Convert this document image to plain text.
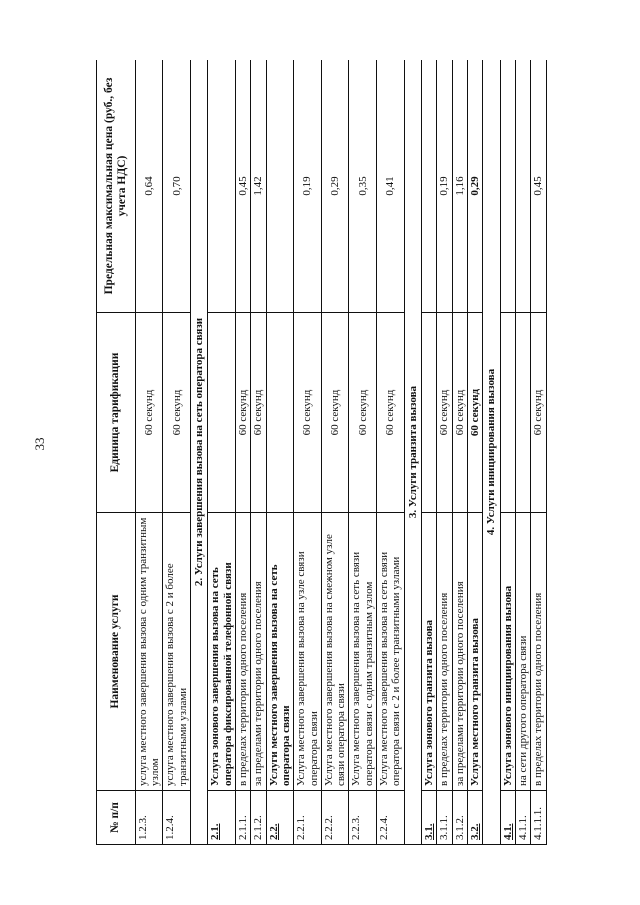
33
№ п/п	Наименование услуги	Единица тарификации	Предельная максимальная цена (руб., без учета НДС)
1.2.3.	услуга местного завершения вызова с одним транзитным узлом	60 секунд	0,64
1.2.4.	услуга местного завершения вызова с 2 и более транзитными узлами	60 секунд	0,70
2. Услуги завершения вызова на сеть оператора связи			
2.1.	Услуга зонового завершения вызова на сеть оператора фиксированной телефонной связи		
2.1.1.	в пределах территории одного поселения	60 секунд	0,45
2.1.2.	за пределами территории одного поселения	60 секунд	1,42
2.2.	Услуги местного завершения вызова на сеть оператора связи		
2.2.1.	Услуга местного завершения вызова на узле связи оператора связи	60 секунд	0,19
2.2.2.	Услуга местного завершения вызова на смежном узле связи оператора связи	60 секунд	0,29
2.2.3.	Услуга местного завершения вызова на сеть связи оператора связи с одним транзитным узлом	60 секунд	0,35
2.2.4.	Услуга местного завершения вызова на сеть связи оператора связи с 2 и более транзитными узлами	60 секунд	0,41
3. Услуги транзита вызова			
3.1.	Услуга зонового транзита вызова		
3.1.1.	в пределах территории одного поселения	60 секунд	0,19
3.1.2.	за пределами территории одного поселения	60 секунд	1,16
3.2.	Услуга местного транзита вызова	60 секунд	0,29
4. Услуги инициирования вызова			
4.1.	Услуга зонового инициирования вызова		
4.1.1.	на сети другого оператора связи		
4.1.1.1.	в пределах территории одного поселения	60 секунд	0,45
